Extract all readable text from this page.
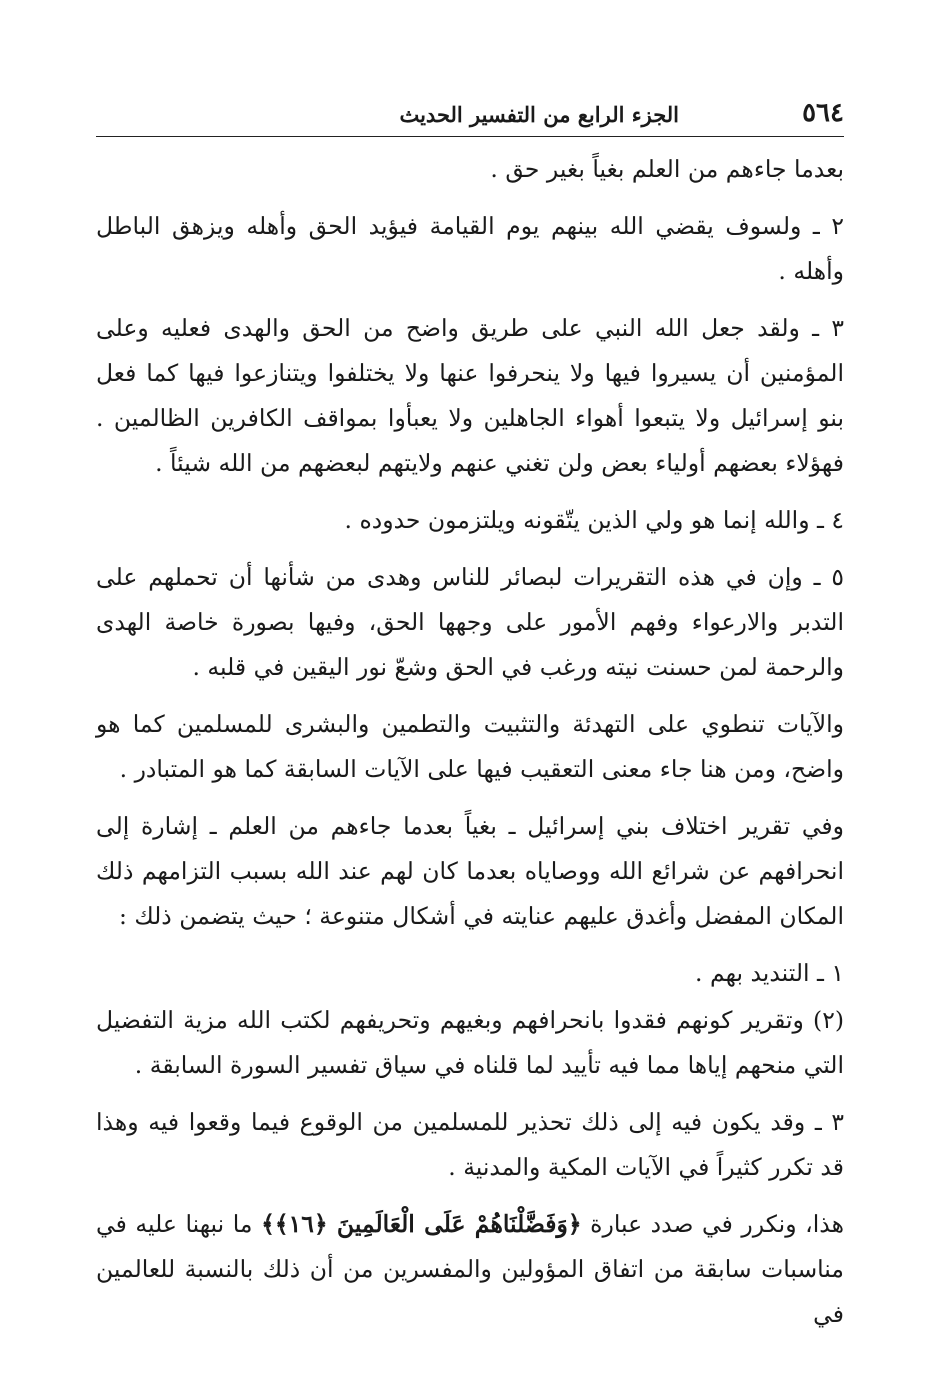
٥٦٤
الجزء الرابع من التفسير الحديث

بعدما جاءهم من العلم بغياً بغير حق .

٢ ـ ولسوف يقضي الله بينهم يوم القيامة فيؤيد الحق وأهله ويزهق الباطل وأهله .

٣ ـ ولقد جعل الله النبي على طريق واضح من الحق والهدى فعليه وعلى المؤمنين أن يسيروا فيها ولا ينحرفوا عنها ولا يختلفوا ويتنازعوا فيها كما فعل بنو إسرائيل ولا يتبعوا أهواء الجاهلين ولا يعبأوا بمواقف الكافرين الظالمين . فهؤلاء بعضهم أولياء بعض ولن تغني عنهم ولايتهم لبعضهم من الله شيئاً .

٤ ـ والله إنما هو ولي الذين يتّقونه ويلتزمون حدوده .

٥ ـ وإن في هذه التقريرات لبصائر للناس وهدى من شأنها أن تحملهم على التدبر والارعواء وفهم الأمور على وجهها الحق، وفيها بصورة خاصة الهدى والرحمة لمن حسنت نيته ورغب في الحق وشعّ نور اليقين في قلبه .

والآيات تنطوي على التهدئة والتثبيت والتطمين والبشرى للمسلمين كما هو واضح، ومن هنا جاء معنى التعقيب فيها على الآيات السابقة كما هو المتبادر .

وفي تقرير اختلاف بني إسرائيل ـ بغياً بعدما جاءهم من العلم ـ إشارة إلى انحرافهم عن شرائع الله ووصاياه بعدما كان لهم عند الله بسبب التزامهم ذلك المكان المفضل وأغدق عليهم عنايته في أشكال متنوعة ؛ حيث يتضمن ذلك :

١ ـ التنديد بهم .

(٢) وتقرير كونهم فقدوا بانحرافهم وبغيهم وتحريفهم لكتب الله مزية التفضيل التي منحهم إياها مما فيه تأييد لما قلناه في سياق تفسير السورة السابقة .

٣ ـ وقد يكون فيه إلى ذلك تحذير للمسلمين من الوقوع فيما وقعوا فيه وهذا قد تكرر كثيراً في الآيات المكية والمدنية .

هذا، ونكرر في صدد عبارة ﴿وَفَضَّلْنَاهُمْ عَلَى الْعَالَمِينَ ﴿١٦﴾﴾ ما نبهنا عليه في مناسبات سابقة من اتفاق المؤولين والمفسرين من أن ذلك بالنسبة للعالمين في
